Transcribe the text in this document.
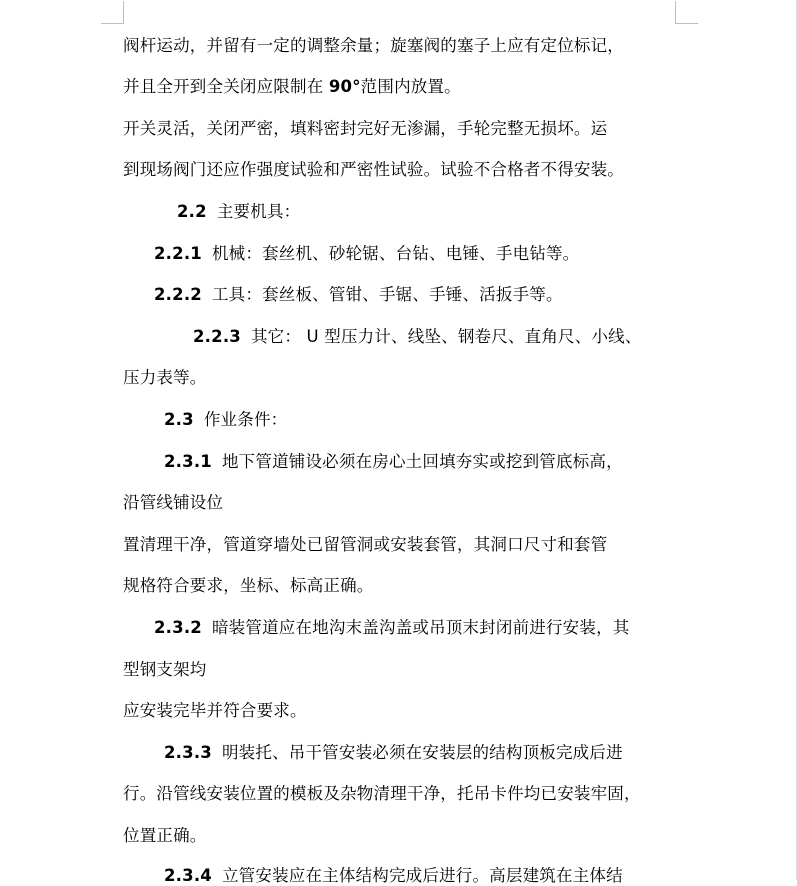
阀杆运动，并留有一定的调整余量；旋塞阀的塞子上应有定位标记，
并且全开到全关闭应限制在 90°范围内放置。
开关灵活，关闭严密，填料密封完好无渗漏，手轮完整无损坏。运
到现场阀门还应作强度试验和严密性试验。试验不合格者不得安装。
2.2 主要机具：
2.2.1 机械：套丝机、砂轮锯、台钻、电锤、手电钻等。
2.2.2 工具：套丝板、管钳、手锯、手锤、活扳手等。
2.2.3 其它： U 型压力计、线坠、钢卷尺、直角尺、小线、
压力表等。
2.3 作业条件：
2.3.1 地下管道铺设必须在房心土回填夯实或挖到管底标高，
沿管线铺设位
置清理干净，管道穿墙处已留管洞或安装套管，其洞口尺寸和套管
规格符合要求，坐标、标高正确。
2.3.2 暗装管道应在地沟末盖沟盖或吊顶末封闭前进行安装，其
型钢支架均
应安装完毕并符合要求。
2.3.3 明装托、吊干管安装必须在安装层的结构顶板完成后进
行。沿管线安装位置的模板及杂物清理干净，托吊卡件均已安装牢固，
位置正确。
2.3.4 立管安装应在主体结构完成后进行。高层建筑在主体结
